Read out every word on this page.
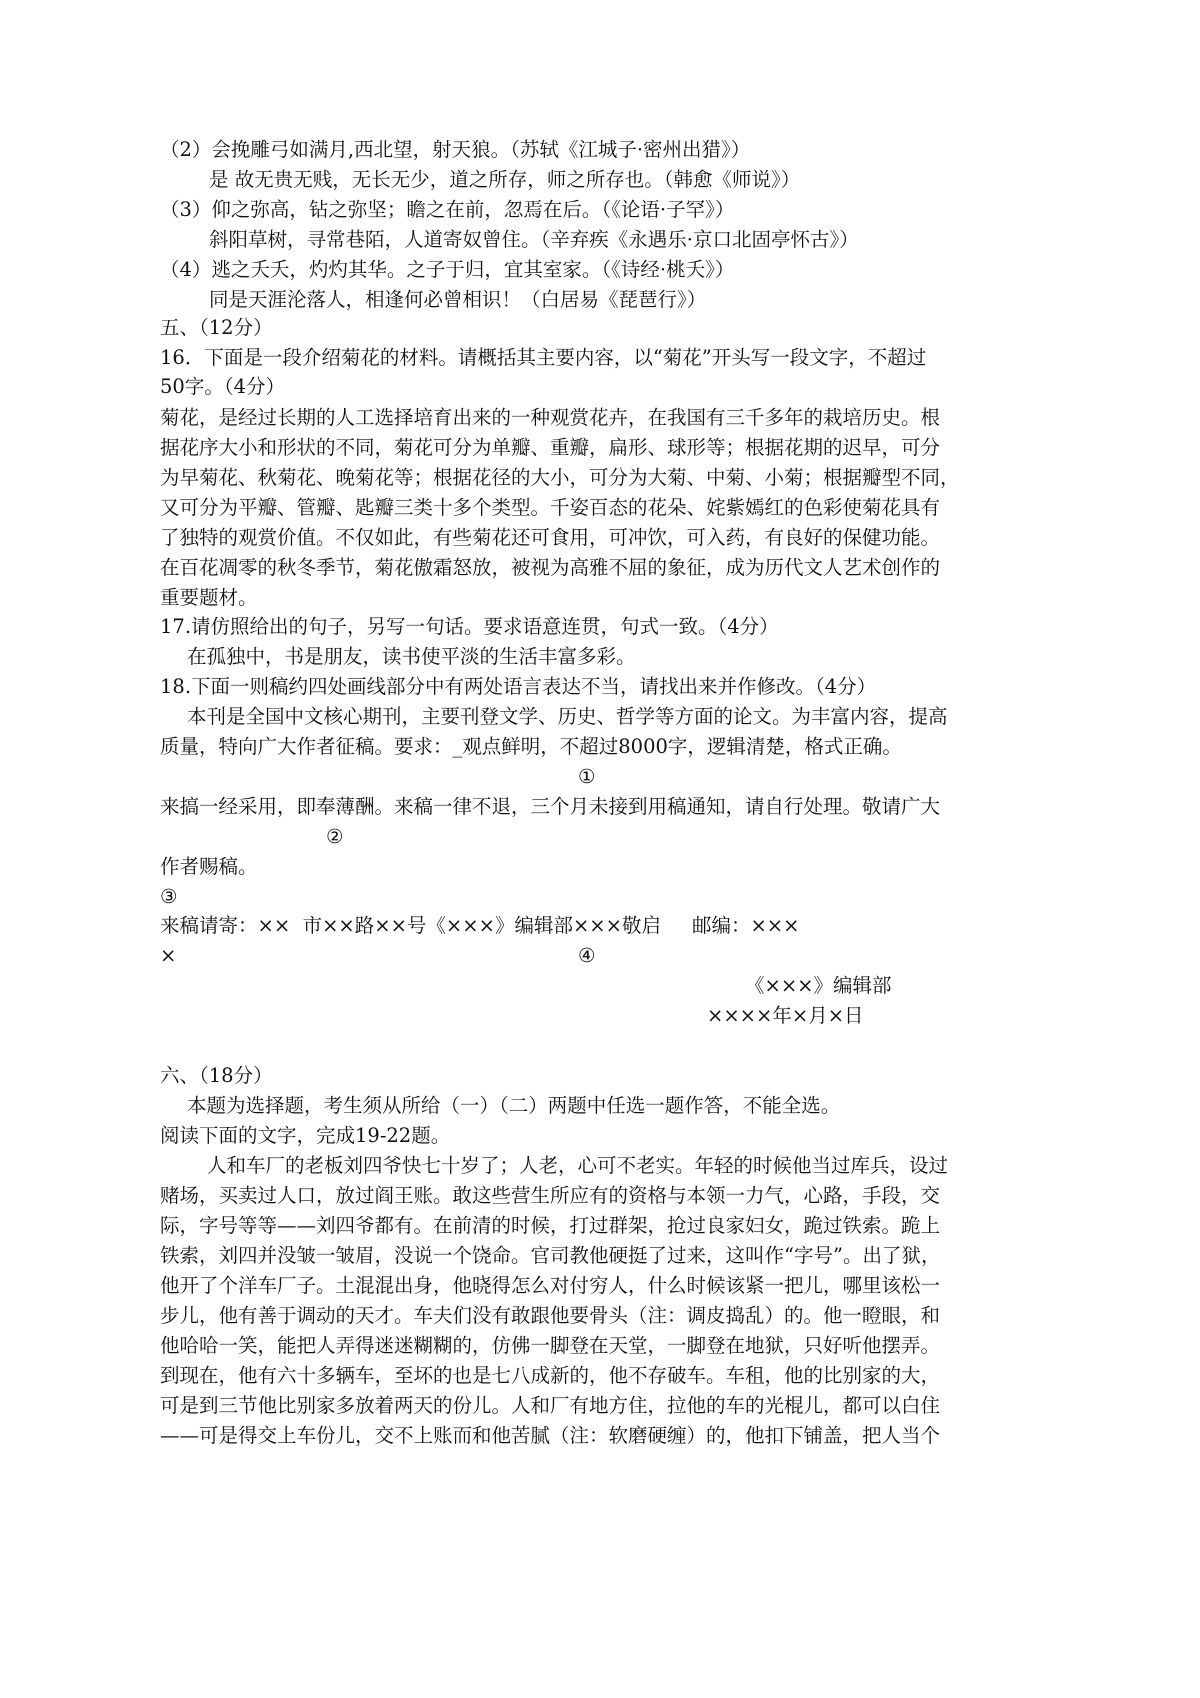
（2）会挽雕弓如满月,西北望，射天狼。（苏轼《江城子·密州出猎》）
是 故无贵无贱，无长无少，道之所存，师之所存也。（韩愈《师说》）
（3）仰之弥高，钻之弥坚；瞻之在前，忽焉在后。（《论语·子罕》）
斜阳草树，寻常巷陌，人道寄奴曾住。（辛弃疾《永遇乐·京口北固亭怀古》）
（4）逃之夭夭，灼灼其华。之子于归，宜其室家。（《诗经·桃夭》）
同是天涯沦落人，相逢何必曾相识！（白居易《琵琶行》）
五、（12分）
16．下面是一段介绍菊花的材料。请概括其主要内容，以“菊花”开头写一段文字，不超过
50字。（4分）
菊花，是经过长期的人工选择培育出来的一种观赏花卉，在我国有三千多年的栽培历史。根
据花序大小和形状的不同，菊花可分为单瓣、重瓣，扁形、球形等；根据花期的迟早，可分
为早菊花、秋菊花、晚菊花等；根据花径的大小，可分为大菊、中菊、小菊；根据瓣型不同，
又可分为平瓣、管瓣、匙瓣三类十多个类型。千姿百态的花朵、姹紫嫣红的色彩使菊花具有
了独特的观赏价值。不仅如此，有些菊花还可食用，可冲饮，可入药，有良好的保健功能。
在百花凋零的秋冬季节，菊花傲霜怒放，被视为高雅不屈的象征，成为历代文人艺术创作的
重要题材。
17.请仿照给出的句子，另写一句话。要求语意连贯，句式一致。（4分）
在孤独中，书是朋友，读书使平淡的生活丰富多彩。
18.下面一则稿约四处画线部分中有两处语言表达不当，请找出来并作修改。（4分）
本刊是全国中文核心期刊，主要刊登文学、历史、哲学等方面的论文。为丰富内容，提高
质量，特向广大作者征稿。要求：_观点鲜明，不超过8000字，逻辑清楚，格式正确。
①
来搞一经采用，即奉薄酬。来稿一律不退，三个月未接到用稿通知，请自行处理。敬请广大
②
作者赐稿。
③
来稿请寄：××  市××路××号《×××》编辑部×××敬启     邮编：×××
×	④
《×××》编辑部
××××年×月×日
六、（18分）
本题为选择题，考生须从所给（一）（二）两题中任选一题作答，不能全选。
阅读下面的文字，完成19-22题。
人和车厂的老板刘四爷快七十岁了；人老，心可不老实。年轻的时候他当过库兵，设过
赌场，买卖过人口，放过阎王账。敢这些营生所应有的资格与本领一力气，心路，手段，交
际，字号等等——刘四爷都有。在前清的时候，打过群架，抢过良家妇女，跪过铁索。跪上
铁索，刘四并没皱一皱眉，没说一个饶命。官司教他硬挺了过来，这叫作“字号”。出了狱，
他开了个洋车厂子。土混混出身，他晓得怎么对付穷人，什么时候该紧一把儿，哪里该松一
步儿，他有善于调动的天才。车夫们没有敢跟他要骨头（注：调皮捣乱）的。他一瞪眼，和
他哈哈一笑，能把人弄得迷迷糊糊的，仿佛一脚登在天堂，一脚登在地狱，只好听他摆弄。
到现在，他有六十多辆车，至坏的也是七八成新的，他不存破车。车租，他的比别家的大，
可是到三节他比别家多放着两天的份儿。人和厂有地方住，拉他的车的光棍儿，都可以白住
——可是得交上车份儿，交不上账而和他苦腻（注：软磨硬缠）的，他扣下铺盖，把人当个
